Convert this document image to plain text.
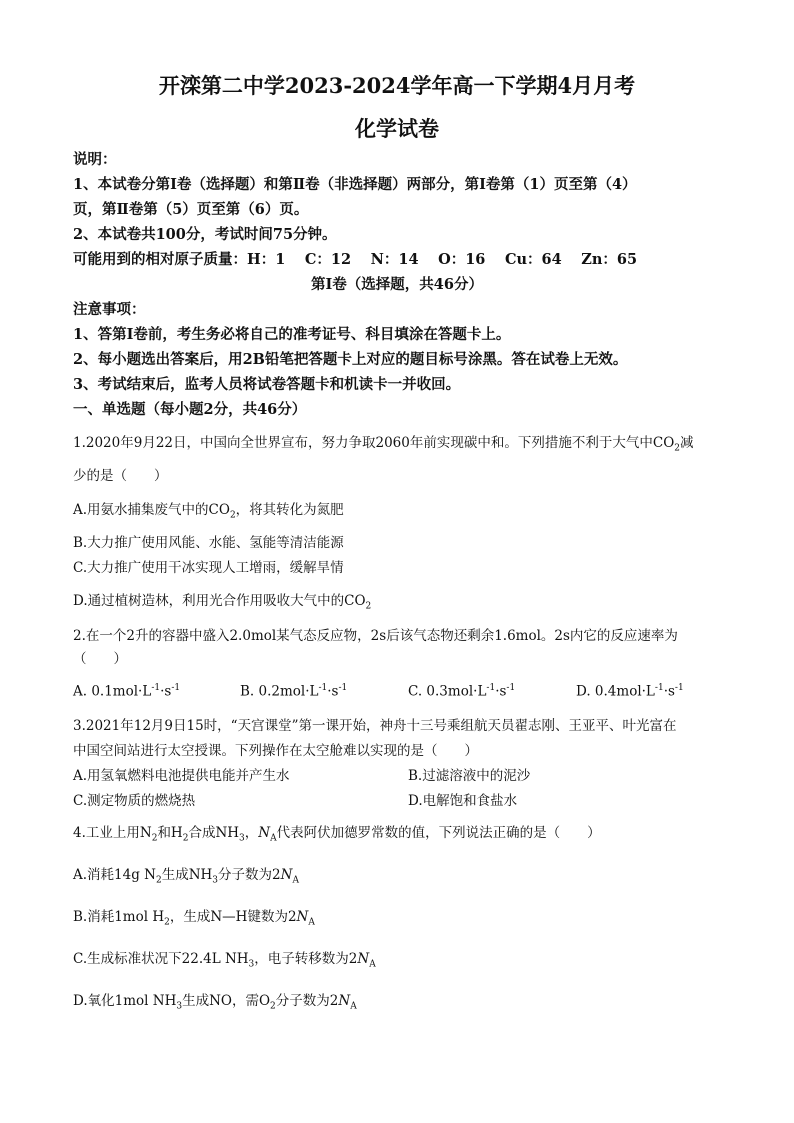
开滦第二中学2023-2024学年高一下学期4月月考
化学试卷
说明：
1、本试卷分第Ⅰ卷（选择题）和第Ⅱ卷（非选择题）两部分，第Ⅰ卷第（1）页至第（4）
页，第Ⅱ卷第（5）页至第（6）页。
2、本试卷共100分，考试时间75分钟。
可能用到的相对原子质量：H：1　 C：12　 N：14　 O：16　 Cu：64　 Zn：65
第Ⅰ卷（选择题，共46分）
注意事项：
1、答第Ⅰ卷前，考生务必将自己的准考证号、科目填涂在答题卡上。
2、每小题选出答案后，用2B铅笔把答题卡上对应的题目标号涂黑。答在试卷上无效。
3、考试结束后，监考人员将试卷答题卡和机读卡一并收回。
一、单选题（每小题2分，共46分）
1.2020年9月22日，中国向全世界宣布，努力争取2060年前实现碳中和。下列措施不利于大气中$CO_2$减
少的是（　　）
A.用氨水捕集废气中的$CO_2$，将其转化为氮肥
B.大力推广使用风能、水能、氢能等清洁能源
C.大力推广使用干冰实现人工增雨，缓解旱情
D.通过植树造林，利用光合作用吸收大气中的$CO_2$
2.在一个2升的容器中盛入2.0mol某气态反应物，2s后该气态物还剩余1.6mol。2s内它的反应速率为
（　　）
A. $0.1mol\cdot L^{-1}\cdot s^{-1}$	B. $0.2mol\cdot L^{-1}\cdot s^{-1}$	C. $0.3mol\cdot L^{-1}\cdot s^{-1}$	D. $0.4mol\cdot L^{-1}\cdot s^{-1}$
3.2021年12月9日15时，“天宫课堂”第一课开始，神舟十三号乘组航天员翟志刚、王亚平、叶光富在
中国空间站进行太空授课。下列操作在太空舱难以实现的是（　　）
A.用氢氧燃料电池提供电能并产生水	B.过滤溶液中的泥沙
C.测定物质的燃烧热	D.电解饱和食盐水
4.工业上用$N_2$和$H_2$合成$NH_3$，$N_A$代表阿伏加德罗常数的值，下列说法正确的是（　　）
A.消耗14g $N_2$生成$NH_3$分子数为$2N_A$
B.消耗1mol $H_2$，生成N—H键数为$2N_A$
C.生成标准状况下22.4L $NH_3$，电子转移数为$2N_A$
D.氧化1mol $NH_3$生成NO，需$O_2$分子数为$2N_A$
